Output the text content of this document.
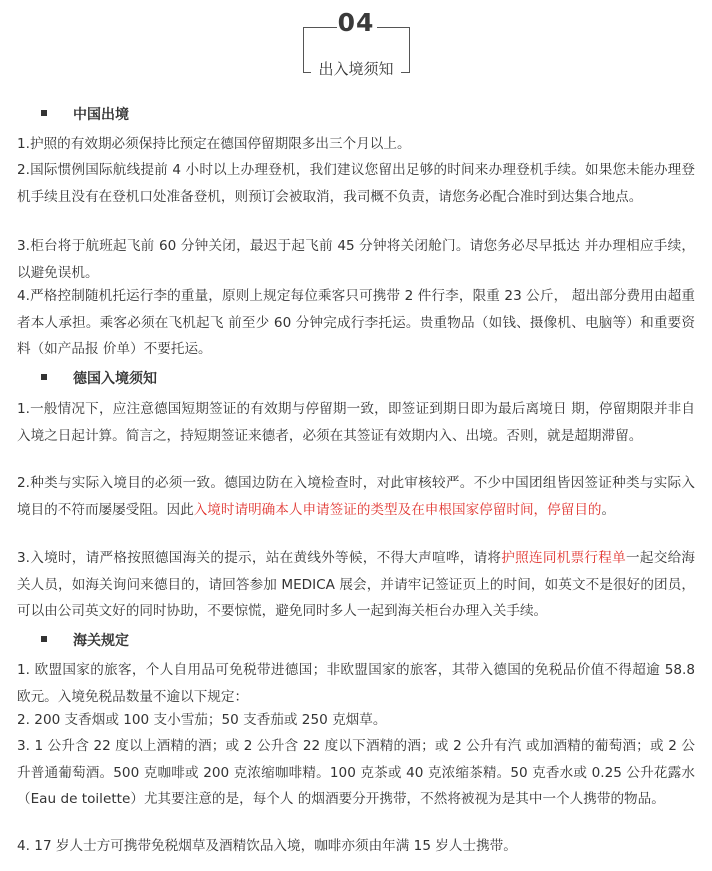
04
出入境须知
中国出境
1.护照的有效期必须保持比预定在德国停留期限多出三个月以上。
2.国际惯例国际航线提前 4 小时以上办理登机，我们建议您留出足够的时间来办理登机手续。如果您未能办理登机手续且没有在登机口处准备登机，则预订会被取消，我司概不负责，请您务必配合准时到达集合地点。
3.柜台将于航班起飞前 60 分钟关闭，最迟于起飞前 45 分钟将关闭舱门。请您务必尽早抵达 并办理相应手续，以避免误机。
4.严格控制随机托运行李的重量，原则上规定每位乘客只可携带 2 件行李，限重 23 公斤， 超出部分费用由超重者本人承担。乘客必须在飞机起飞 前至少 60 分钟完成行李托运。贵重物品（如钱、摄像机、电脑等）和重要资料（如产品报 价单）不要托运。
德国入境须知
1.一般情况下，应注意德国短期签证的有效期与停留期一致，即签证到期日即为最后离境日 期，停留期限并非自入境之日起计算。简言之，持短期签证来德者，必须在其签证有效期内入、出境。否则，就是超期滞留。
2.种类与实际入境目的必须一致。德国边防在入境检查时，对此审核较严。不少中国团组皆因签证种类与实际入境目的不符而屡屡受阻。因此入境时请明确本人申请签证的类型及在申根国家停留时间，停留目的。
3.入境时，请严格按照德国海关的提示，站在黄线外等候，不得大声喧哗，请将护照连同机票行程单一起交给海关人员，如海关询问来德目的，请回答参加 MEDICA 展会，并请牢记签证页上的时间，如英文不是很好的团员，可以由公司英文好的同时协助，不要惊慌，避免同时多人一起到海关柜台办理入关手续。
海关规定
1. 欧盟国家的旅客，个人自用品可免税带进德国；非欧盟国家的旅客，其带入德国的免税品价值不得超逾 58.8 欧元。入境免税品数量不逾以下规定：
2. 200 支香烟或 100 支小雪茄；50 支香茄或 250 克烟草。
3. 1 公升含 22 度以上酒精的酒；或 2 公升含 22 度以下酒精的酒；或 2 公升有汽 或加酒精的葡萄酒；或 2 公升普通葡萄酒。500 克咖啡或 200 克浓缩咖啡精。100 克茶或 40 克浓缩茶精。50 克香水或 0.25 公升花露水（Eau de toilette）尤其要注意的是，每个人 的烟酒要分开携带，不然将被视为是其中一个人携带的物品。
4. 17 岁人士方可携带免税烟草及酒精饮品入境，咖啡亦须由年满 15 岁人士携带。
